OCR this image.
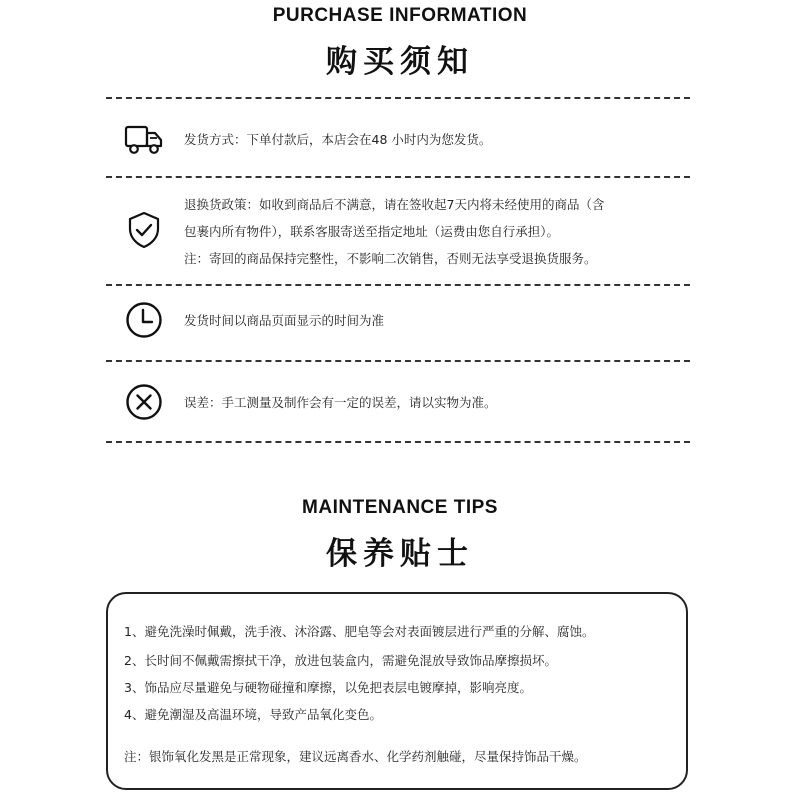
PURCHASE INFORMATION
购买须知

发货方式：下单付款后，本店会在48 小时内为您发货。

退换货政策：如收到商品后不满意，请在签收起7天内将未经使用的商品（含

包裹内所有物件），联系客服寄送至指定地址（运费由您自行承担）。

注：寄回的商品保持完整性，不影响二次销售，否则无法享受退换货服务。

发货时间以商品页面显示的时间为准

误差：手工测量及制作会有一定的误差，请以实物为准。

MAINTENANCE TIPS
保养贴士
1、避免洗澡时佩戴，洗手液、沐浴露、肥皂等会对表面镀层进行严重的分解、腐蚀。
2、长时间不佩戴需擦拭干净，放进包装盒内，需避免混放导致饰品摩擦损坏。
3、饰品应尽量避免与硬物碰撞和摩擦，以免把表层电镀摩掉，影响亮度。
4、避免潮湿及高温环境，导致产品氧化变色。
注：银饰氧化发黑是正常现象，建议远离香水、化学药剂触碰，尽量保持饰品干燥。
